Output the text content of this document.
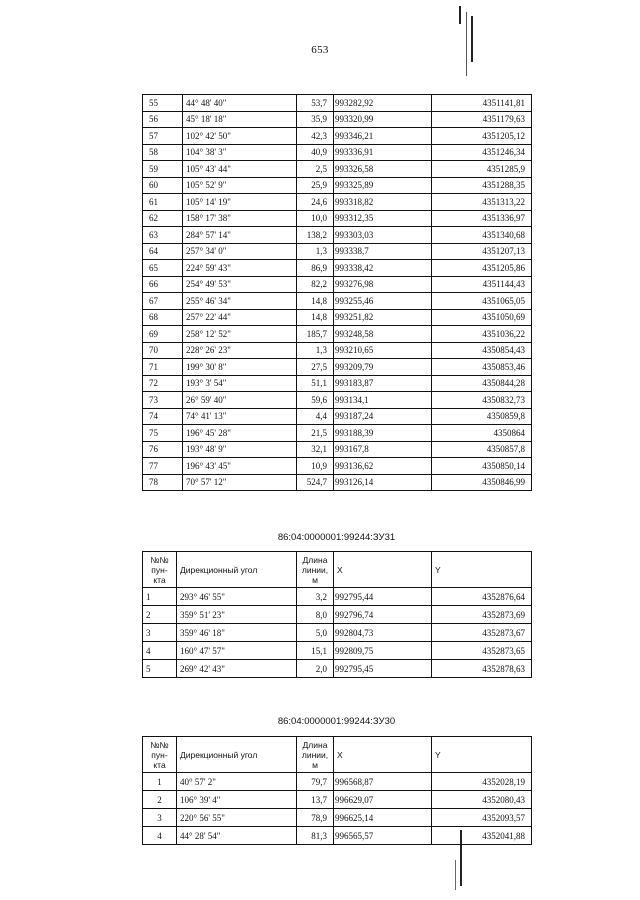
653
55	44° 48' 40"	53,7	993282,92	4351141,81
56	45° 18' 18"	35,9	993320,99	4351179,63
57	102° 42' 50"	42,3	993346,21	4351205,12
58	104° 38' 3"	40,9	993336,91	4351246,34
59	105° 43' 44"	2,5	993326,58	4351285,9
60	105° 52' 9"	25,9	993325,89	4351288,35
61	105° 14' 19"	24,6	993318,82	4351313,22
62	158° 17' 38"	10,0	993312,35	4351336,97
63	284° 57' 14"	138,2	993303,03	4351340,68
64	257° 34' 0"	1,3	993338,7	4351207,13
65	224° 59' 43"	86,9	993338,42	4351205,86
66	254° 49' 53"	82,2	993276,98	4351144,43
67	255° 46' 34"	14,8	993255,46	4351065,05
68	257° 22' 44"	14,8	993251,82	4351050,69
69	258° 12' 52"	185,7	993248,58	4351036,22
70	228° 26' 23"	1,3	993210,65	4350854,43
71	199° 30' 8"	27,5	993209,79	4350853,46
72	193° 3' 54"	51,1	993183,87	4350844,28
73	26° 59' 40"	59,6	993134,1	4350832,73
74	74° 41' 13"	4,4	993187,24	4350859,8
75	196° 45' 28"	21,5	993188,39	4350864
76	193° 48' 9"	32,1	993167,8	4350857,8
77	196° 43' 45"	10,9	993136,62	4350850,14
78	70° 57' 12"	524,7	993126,14	4350846,99
86:04:0000001:99244:ЗУ31
№№ пун- кта	Дирекционный угол	Длина линии, м	X	Y
1	293° 46' 55"	3,2	992795,44	4352876,64
2	359° 51' 23"	8,0	992796,74	4352873,69
3	359° 46' 18"	5,0	992804,73	4352873,67
4	160° 47' 57"	15,1	992809,75	4352873,65
5	269° 42' 43"	2,0	992795,45	4352878,63
86:04:0000001:99244:ЗУ30
№№ пун- кта	Дирекционный угол	Длина линии, м	X	Y
1	40° 57' 2"	79,7	996568,87	4352028,19
2	106° 39' 4"	13,7	996629,07	4352080,43
3	220° 56' 55"	78,9	996625,14	4352093,57
4	44° 28' 54"	81,3	996565,57	4352041,88
